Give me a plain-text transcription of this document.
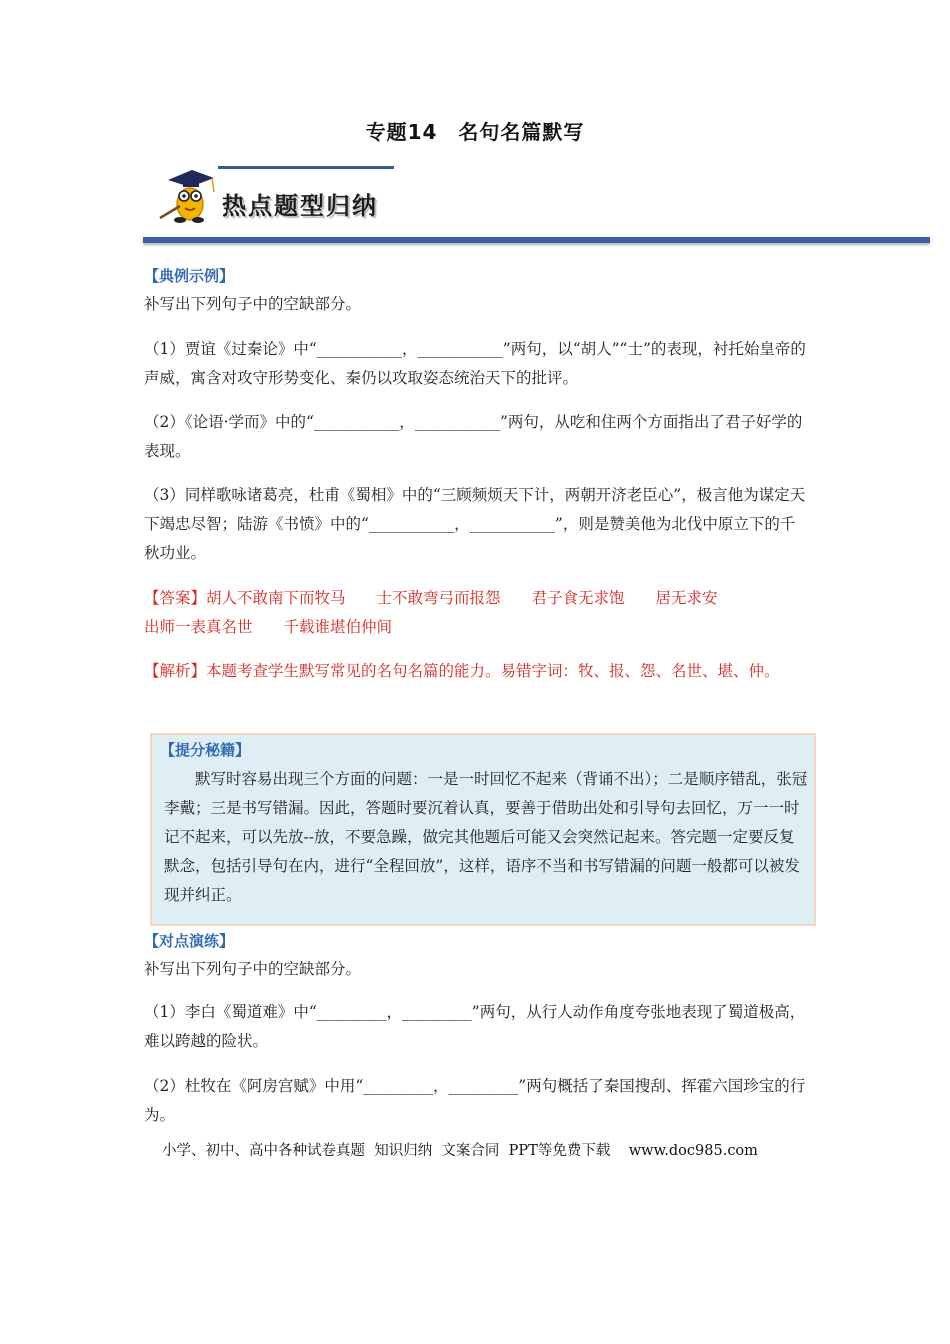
专题14　名句名篇默写
热点题型归纳
【典例示例】
补写出下列句子中的空缺部分。
（1）贾谊《过秦论》中“___________，___________”两句，以“胡人”“士”的表现，衬托始皇帝的声威，寓含对攻守形势变化、秦仍以攻取姿态统治天下的批评。
（2）《论语·学而》中的“___________，___________”两句，从吃和住两个方面指出了君子好学的表现。
（3）同样歌咏诸葛亮，杜甫《蜀相》中的“三顾频烦天下计，两朝开济老臣心”，极言他为谋定天下竭忠尽智；陆游《书愤》中的“___________，___________”，则是赞美他为北伐中原立下的千秋功业。
【答案】胡人不敢南下而牧马　　士不敢弯弓而报怨　　君子食无求饱　　居无求安
出师一表真名世　　千载谁堪伯仲间
【解析】本题考查学生默写常见的名句名篇的能力。易错字词：牧、报、怨、名世、堪、仲。
【提分秘籍】
默写时容易出现三个方面的问题：一是一时回忆不起来（背诵不出）；二是顺序错乱，张冠李戴；三是书写错漏。因此，答题时要沉着认真，要善于借助出处和引导句去回忆，万一一时记不起来，可以先放--放，不要急躁，做完其他题后可能又会突然记起来。答完题一定要反复默念，包括引导句在内，进行“全程回放”，这样，语序不当和书写错漏的问题一般都可以被发现并纠正。
【对点演练】
补写出下列句子中的空缺部分。
（1）李白《蜀道难》中“_________，_________”两句，从行人动作角度夸张地表现了蜀道极高，难以跨越的险状。
（2）杜牧在《阿房宫赋》中用“_________，_________”两句概括了秦国搜刮、挥霍六国珍宝的行为。
小学、初中、高中各种试卷真题  知识归纳  文案合同  PPT等免费下载    www.doc985.com
